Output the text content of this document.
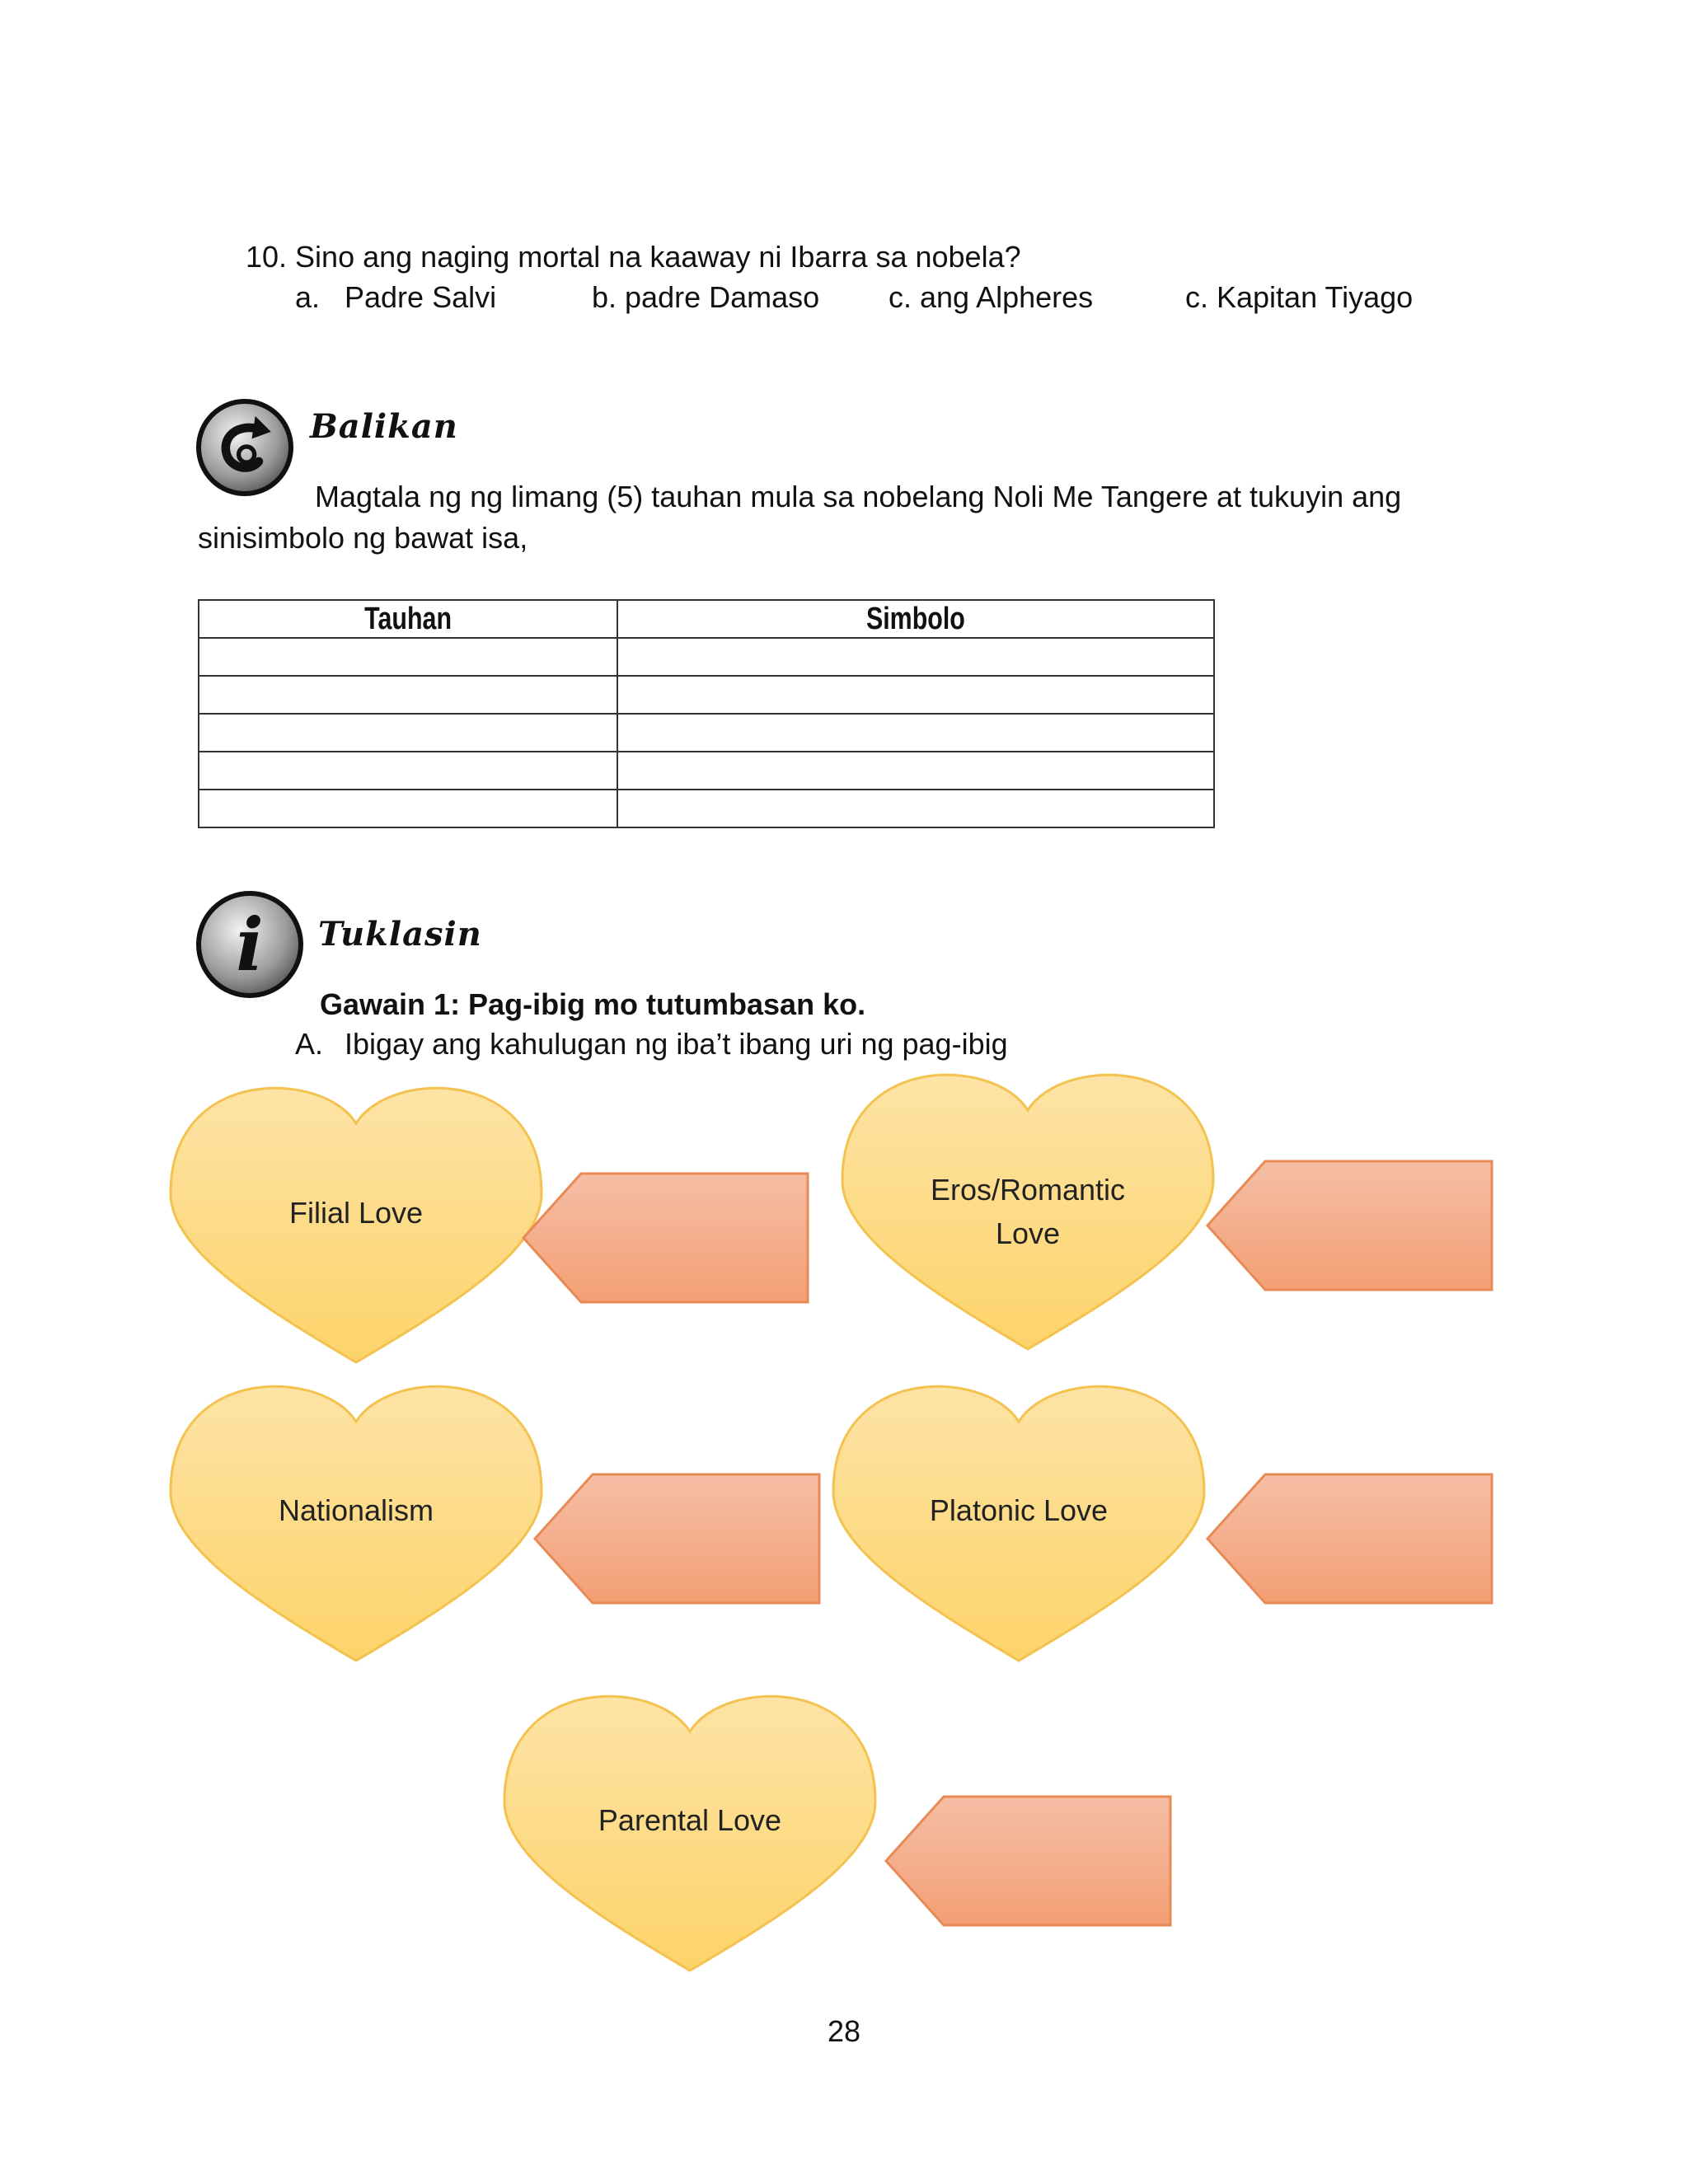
10. Sino ang naging mortal na kaaway ni Ibarra sa nobela?
a. Padre Salvi	b. padre Damaso c. ang Alpheres	c. Kapitan Tiyago
Balikan
Magtala ng ng limang (5) tauhan mula sa nobelang Noli Me Tangere at tukuyin ang
sinisimbolo ng bawat isa,
Tauhan	Simbolo

i	Tuklasin
Gawain 1: Pag-ibig mo tutumbasan ko.
A. Ibigay ang kahulugan ng iba’t ibang uri ng pag-ibig
Filial Love
Eros/Romantic
Love
Nationalism	Platonic Love
Parental Love
28
